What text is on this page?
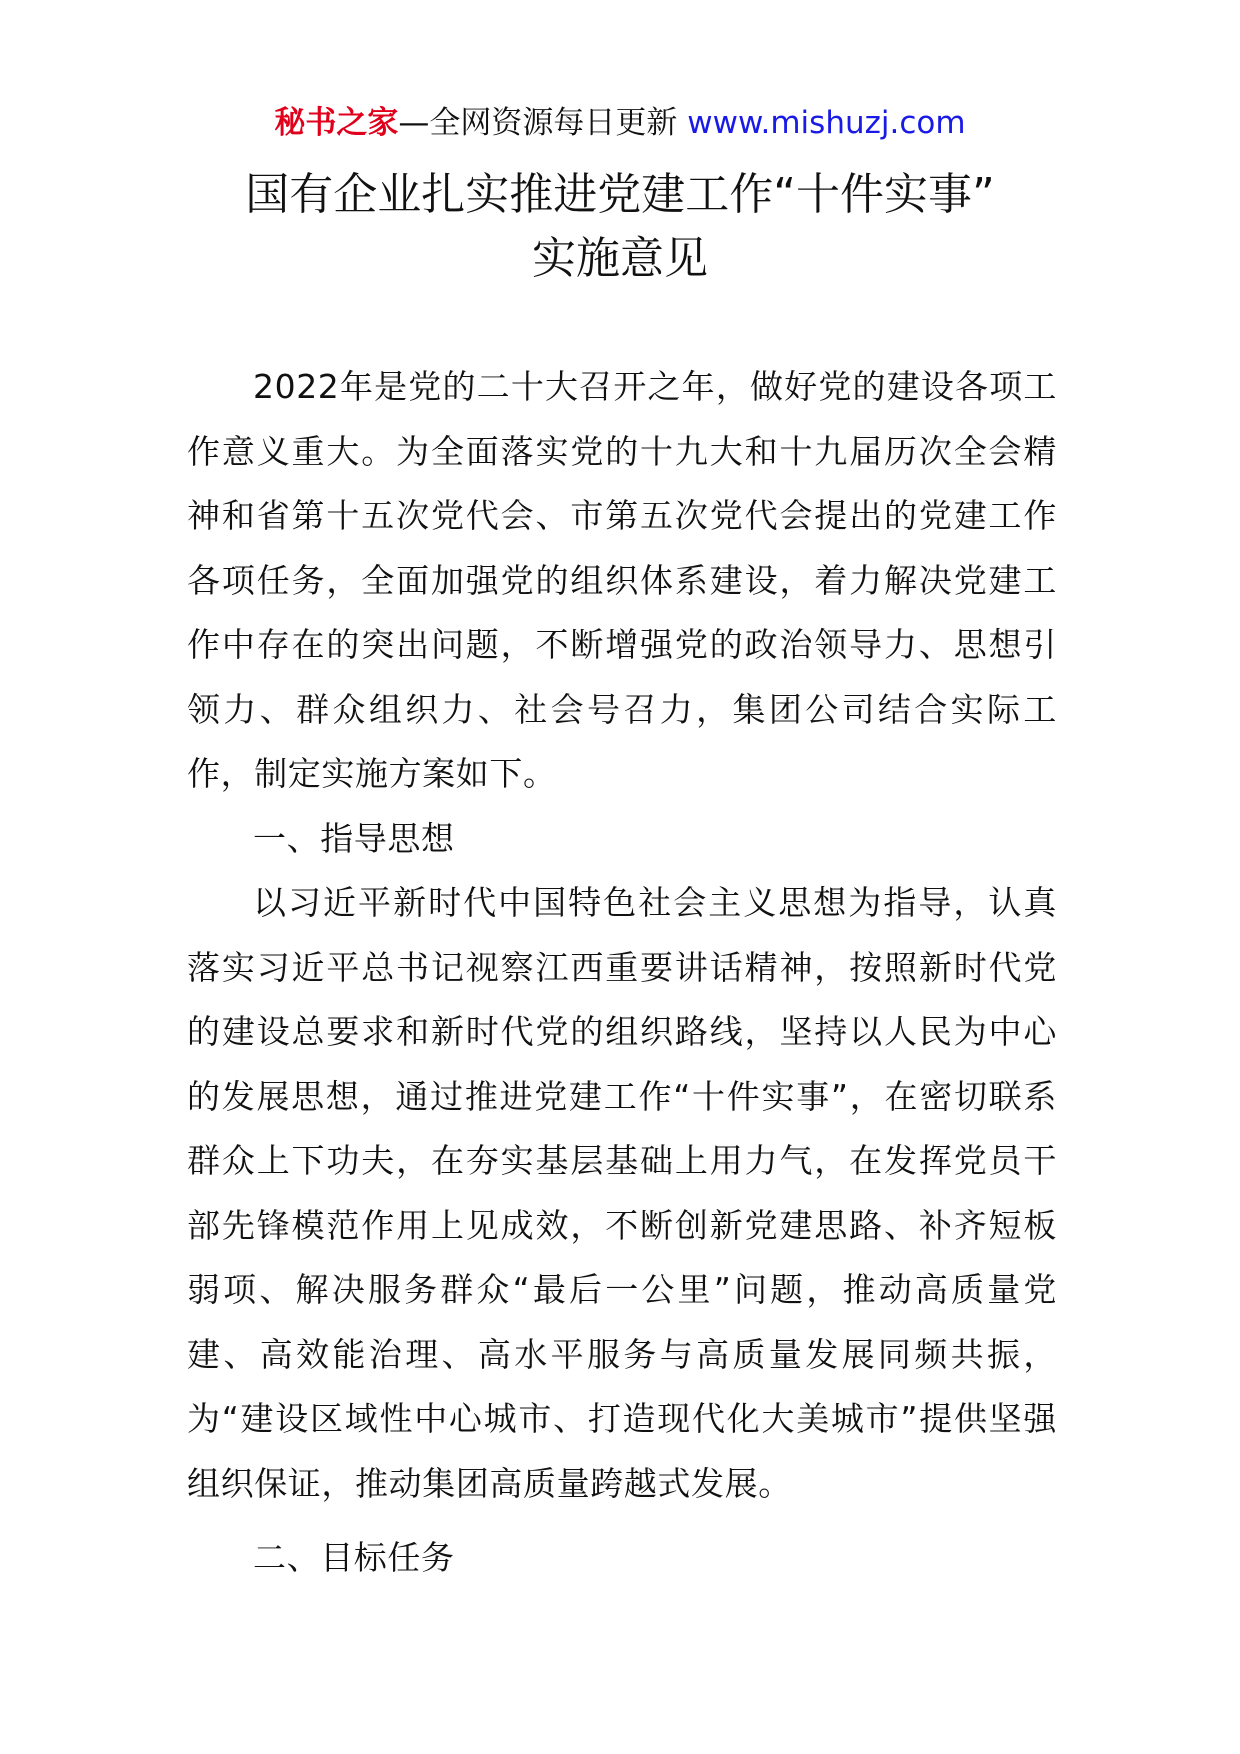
秘书之家—全网资源每日更新 www.mishuzj.com
国有企业扎实推进党建工作“十件实事”
实施意见

2022年是党的二十大召开之年，做好党的建设各项工作意义重大。为全面落实党的十九大和十九届历次全会精神和省第十五次党代会、市第五次党代会提出的党建工作各项任务，全面加强党的组织体系建设，着力解决党建工作中存在的突出问题，不断增强党的政治领导力、思想引领力、群众组织力、社会号召力，集团公司结合实际工作，制定实施方案如下。

一、指导思想

以习近平新时代中国特色社会主义思想为指导，认真落实习近平总书记视察江西重要讲话精神，按照新时代党的建设总要求和新时代党的组织路线，坚持以人民为中心的发展思想，通过推进党建工作“十件实事”，在密切联系群众上下功夫，在夯实基层基础上用力气，在发挥党员干部先锋模范作用上见成效，不断创新党建思路、补齐短板弱项、解决服务群众“最后一公里”问题，推动高质量党建、高效能治理、高水平服务与高质量发展同频共振，为“建设区域性中心城市、打造现代化大美城市”提供坚强组织保证，推动集团高质量跨越式发展。

二、目标任务
